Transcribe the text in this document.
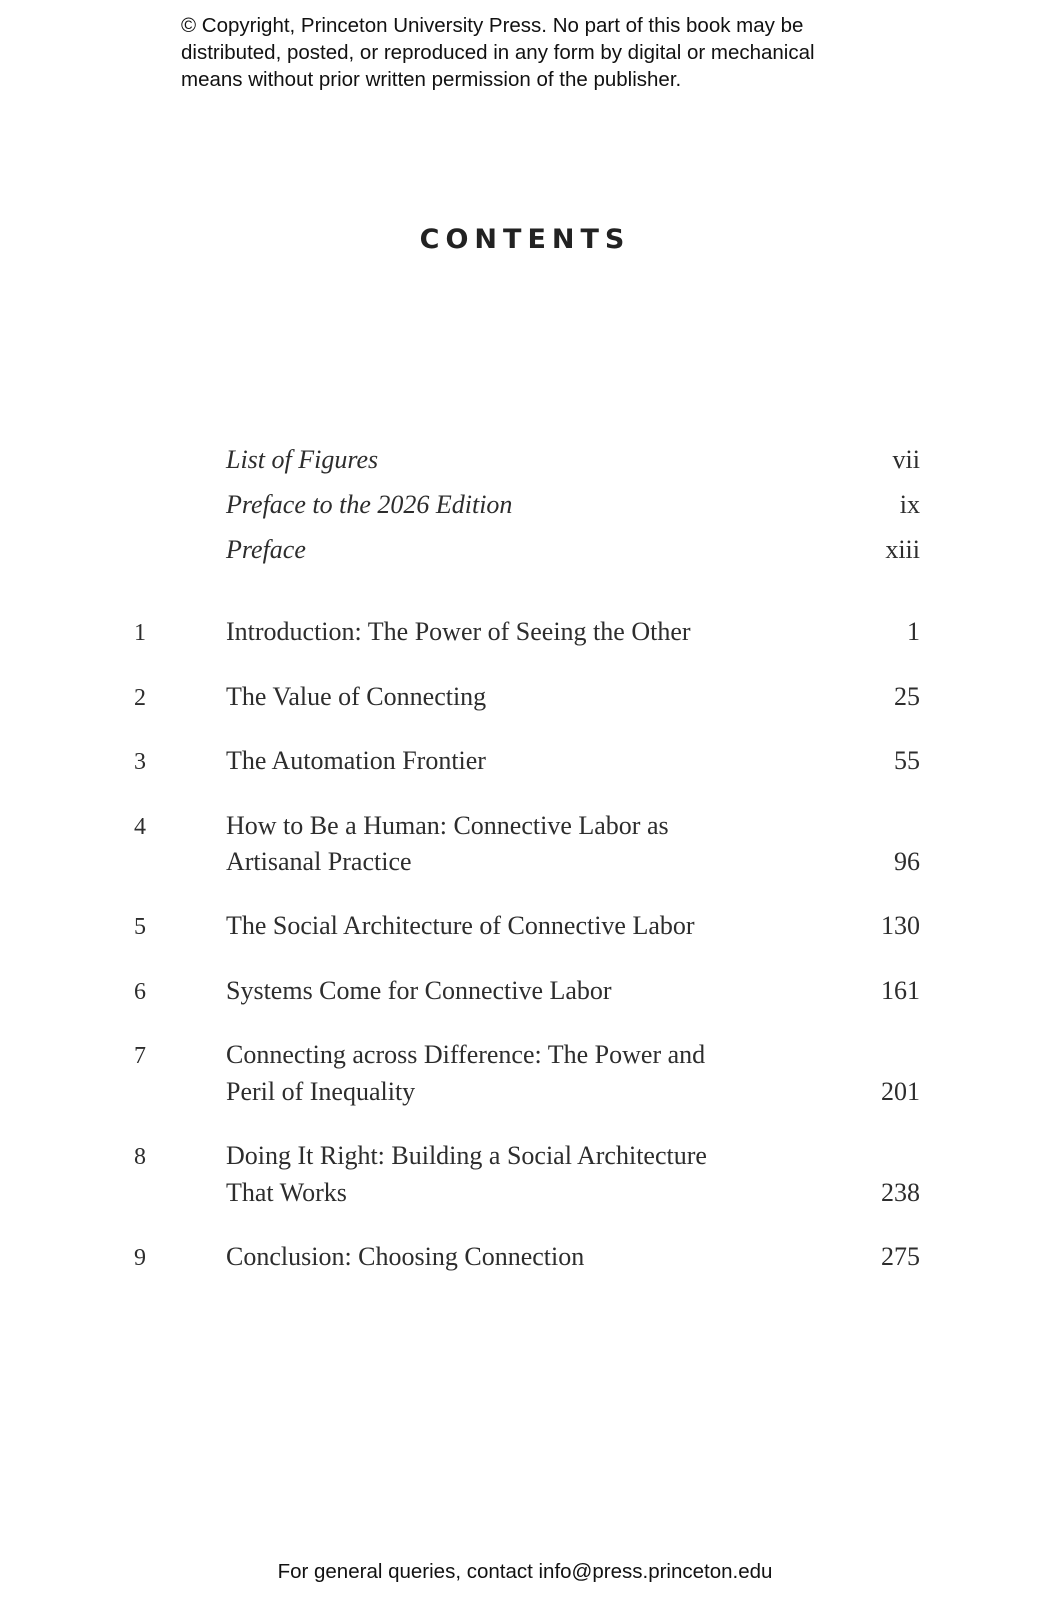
© Copyright, Princeton University Press. No part of this book may be
distributed, posted, or reproduced in any form by digital or mechanical
means without prior written permission of the publisher.
CONTENTS
List of Figures	vii
Preface to the 2026 Edition	ix
Preface	xiii
1	Introduction: The Power of Seeing the Other	1
2	The Value of Connecting	25
3	The Automation Frontier	55
4	How to Be a Human: Connective Labor as
Artisanal Practice	96
5	The Social Architecture of Connective Labor	130
6	Systems Come for Connective Labor	161
7	Connecting across Difference: The Power and
Peril of Inequality	201
8	Doing It Right: Building a Social Architecture
That Works	238
9	Conclusion: Choosing Connection	275
For general queries, contact info@press.princeton.edu
